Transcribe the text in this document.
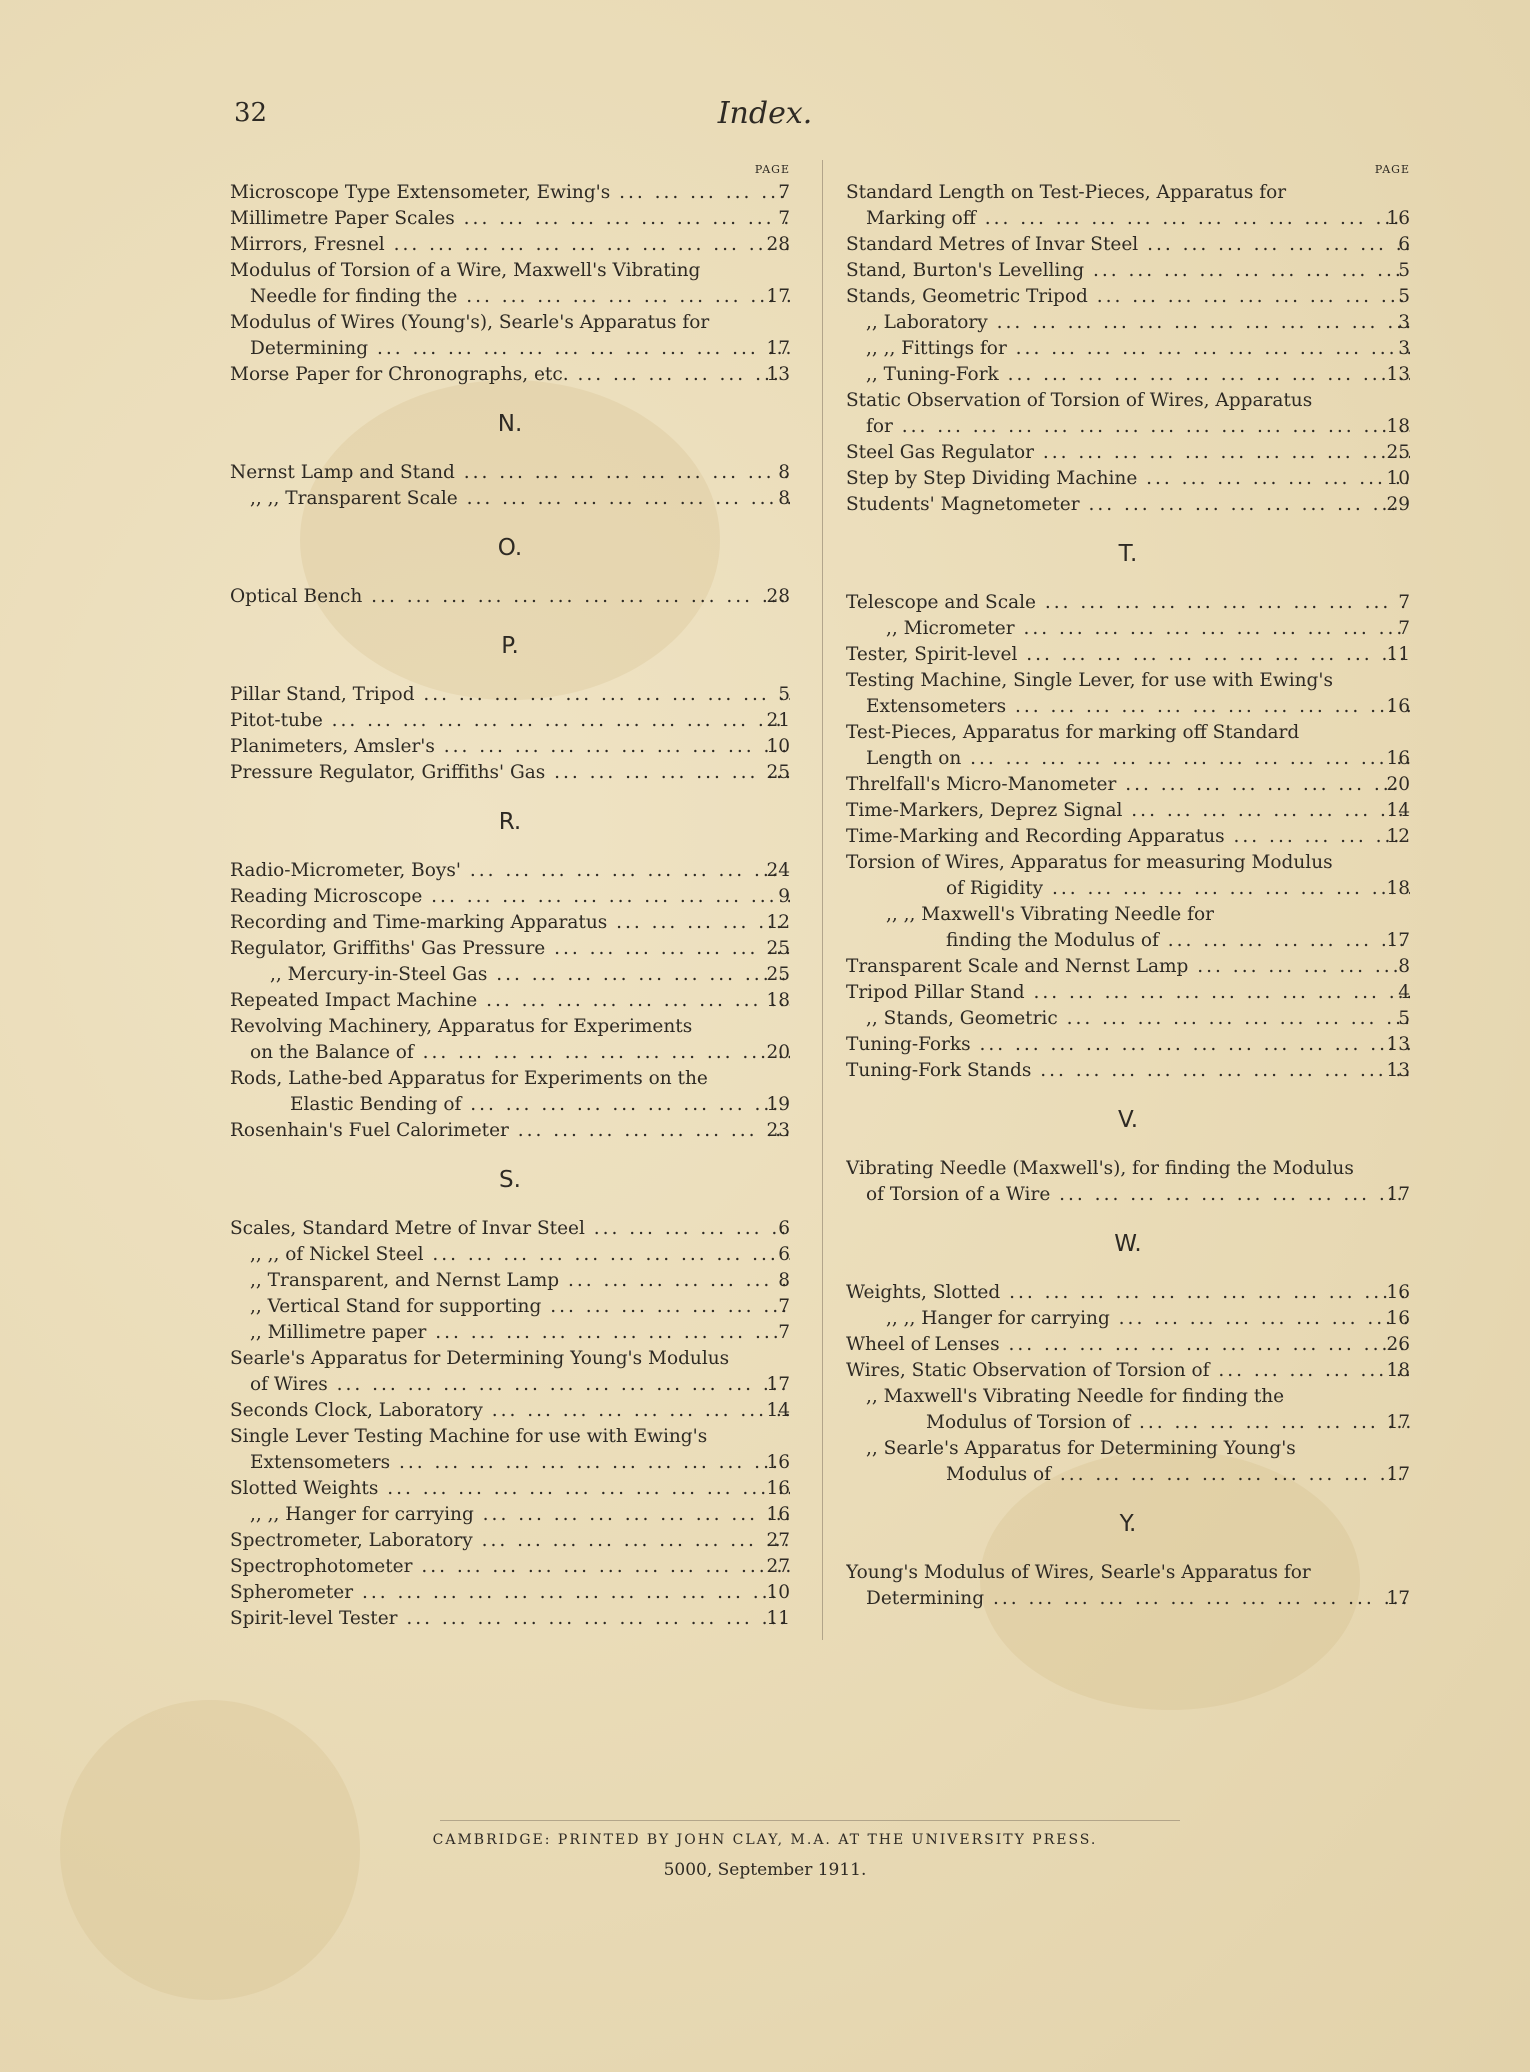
32	Index.
PAGE
Microscope Type Extensometer, Ewing's ... .	7
Millimetre Paper Scales ... .	7
Mirrors, Fresnel ... .	28
Modulus of Torsion of a Wire, Maxwell's Vibrating
Needle for finding the ... .	17
Modulus of Wires (Young's), Searle's Apparatus for
Determining ... .	17
Morse Paper for Chronographs, etc. ... .	13
N.
Nernst Lamp and Stand ... .	8
,, ,, Transparent Scale ... .	8
O.
Optical Bench ... .	28
P.
Pillar Stand, Tripod ... .	5
Pitot-tube ... .	21
Planimeters, Amsler's ... .	10
Pressure Regulator, Griffiths' Gas ... .	25
R.
Radio-Micrometer, Boys' ... .	24
Reading Microscope ... .	9
Recording and Time-marking Apparatus ... .	12
Regulator, Griffiths' Gas Pressure ... .	25
,, Mercury-in-Steel Gas ... .	25
Repeated Impact Machine ... .	18
Revolving Machinery, Apparatus for Experiments
on the Balance of ... .	20
Rods, Lathe-bed Apparatus for Experiments on the
Elastic Bending of ... .	19
Rosenhain's Fuel Calorimeter ... .	23
S.
Scales, Standard Metre of Invar Steel ... .	6
,, ,, of Nickel Steel ... .	6
,, Transparent, and Nernst Lamp ... .	8
,, Vertical Stand for supporting ... .	7
,, Millimetre paper ... .	7
Searle's Apparatus for Determining Young's Modulus
of Wires ... .	17
Seconds Clock, Laboratory ... .	14
Single Lever Testing Machine for use with Ewing's
Extensometers ... .	16
Slotted Weights ... .	16
,, ,, Hanger for carrying ... .	16
Spectrometer, Laboratory ... .	27
Spectrophotometer ... .	27
Spherometer ... .	10
Spirit-level Tester ... .	11
PAGE
Standard Length on Test-Pieces, Apparatus for
Marking off ... .	16
Standard Metres of Invar Steel ... .	6
Stand, Burton's Levelling ... .	5
Stands, Geometric Tripod ... .	5
,, Laboratory ... .	3
,, ,, Fittings for ... .	3
,, Tuning-Fork ... .	13
Static Observation of Torsion of Wires, Apparatus
for ... .	18
Steel Gas Regulator ... .	25
Step by Step Dividing Machine ... .	10
Students' Magnetometer ... .	29
T.
Telescope and Scale ... .	7
,, Micrometer ... .	7
Tester, Spirit-level ... .	11
Testing Machine, Single Lever, for use with Ewing's
Extensometers ... .	16
Test-Pieces, Apparatus for marking off Standard
Length on ... .	16
Threlfall's Micro-Manometer ... .	20
Time-Markers, Deprez Signal ... .	14
Time-Marking and Recording Apparatus ... .	12
Torsion of Wires, Apparatus for measuring Modulus
of Rigidity ... .	18
,, ,, Maxwell's Vibrating Needle for
finding the Modulus of ... .	17
Transparent Scale and Nernst Lamp ... .	8
Tripod Pillar Stand ... .	4
,, Stands, Geometric ... .	5
Tuning-Forks ... .	13
Tuning-Fork Stands ... .	13
V.
Vibrating Needle (Maxwell's), for finding the Modulus
of Torsion of a Wire ... .	17
W.
Weights, Slotted ... .	16
,, ,, Hanger for carrying ... .	16
Wheel of Lenses ... .	26
Wires, Static Observation of Torsion of ... .	18
,, Maxwell's Vibrating Needle for finding the
Modulus of Torsion of ... .	17
,, Searle's Apparatus for Determining Young's
Modulus of ... .	17
Y.
Young's Modulus of Wires, Searle's Apparatus for
Determining ... .	17
CAMBRIDGE: PRINTED BY JOHN CLAY, M.A. AT THE UNIVERSITY PRESS.
5000, September 1911.
